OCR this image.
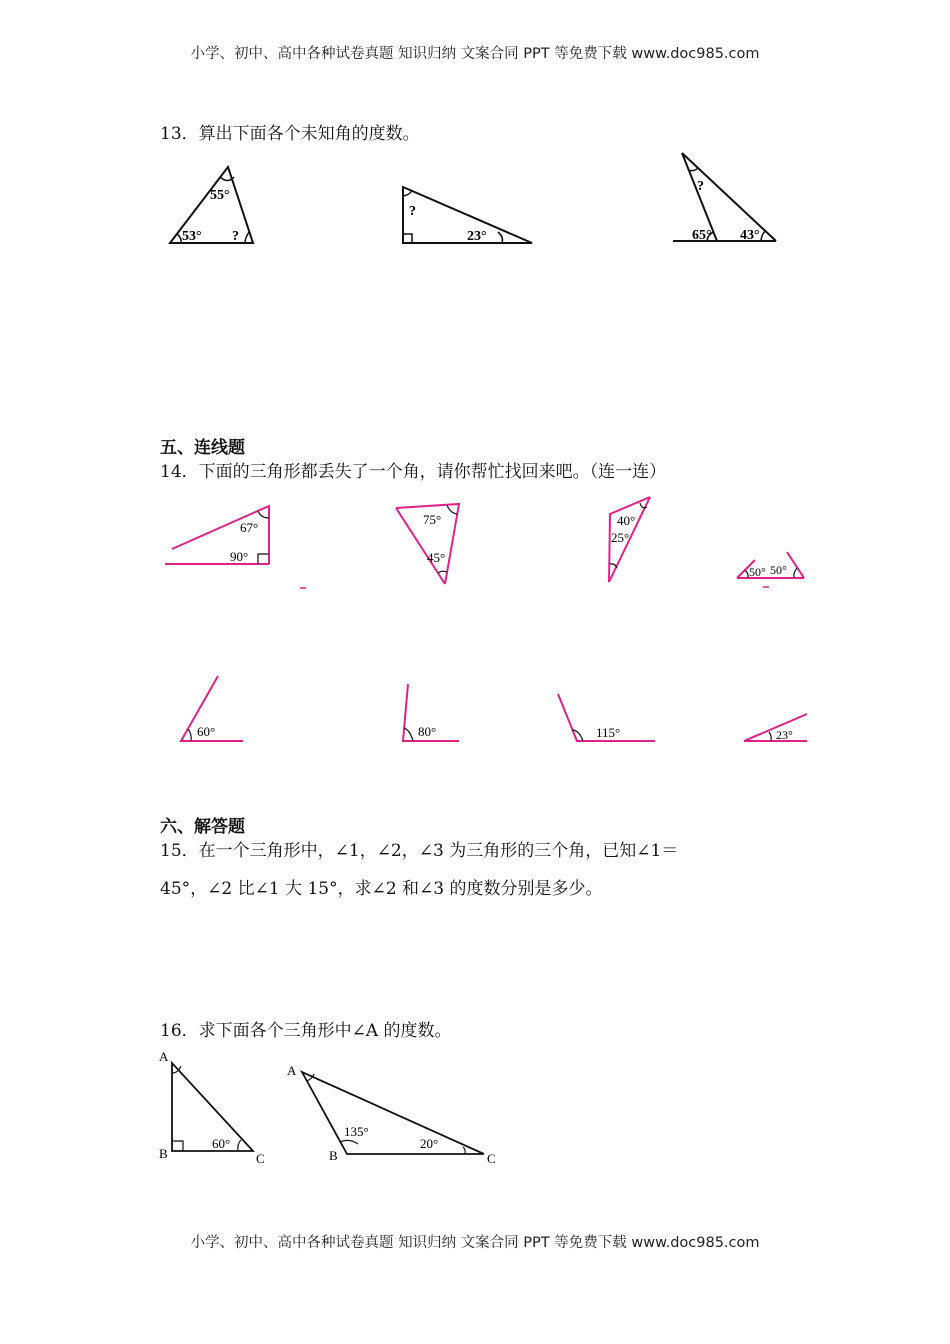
小学、初中、高中各种试卷真题 知识归纳 文案合同 PPT 等免费下载 www.doc985.com
13．算出下面各个未知角的度数。
55°
53° ?
?
23°
?
65° 43°
五、连线题
14．下面的三角形都丢失了一个角，请你帮忙找回来吧。（连一连）
67°
90°
75°
45°
40°
25°
50° 50°
60°	80°	115°	23°
六、解答题
15．在一个三角形中，∠1，∠2，∠3 为三角形的三个角，已知∠1＝
45°，∠2 比∠1 大 15°，求∠2 和∠3 的度数分别是多少。
16．求下面各个三角形中∠A 的度数。
A
B	C
60°
A
B	C
135°
20°
小学、初中、高中各种试卷真题 知识归纳 文案合同 PPT 等免费下载 www.doc985.com
